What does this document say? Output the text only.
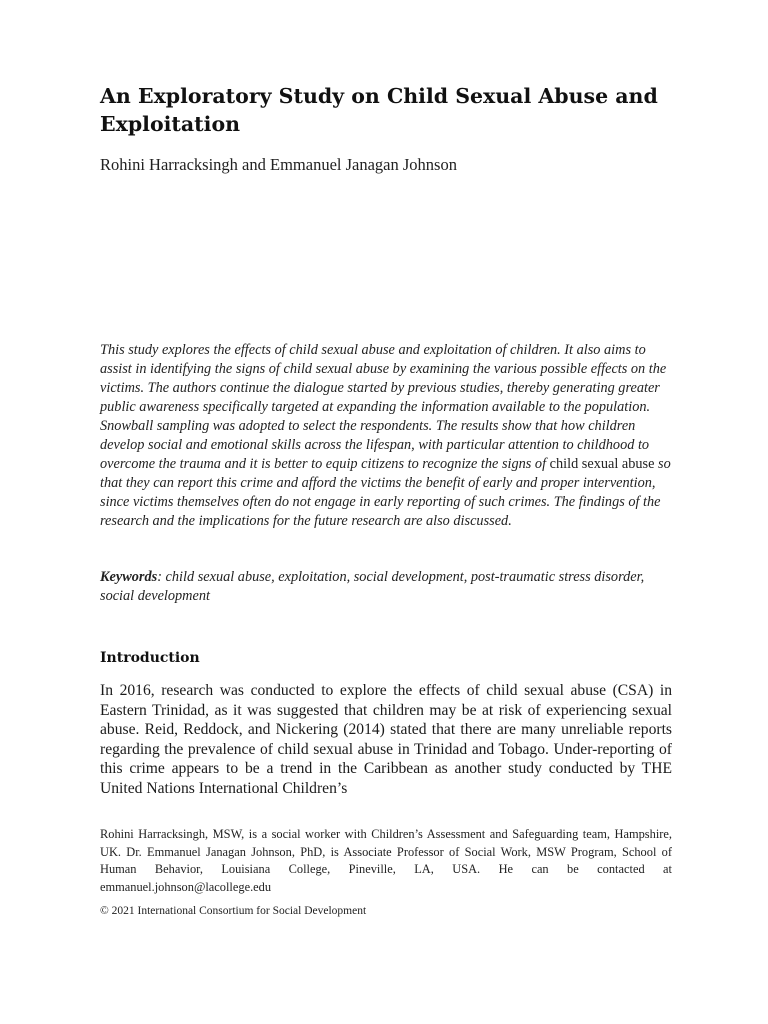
An Exploratory Study on Child Sexual Abuse and Exploitation
Rohini Harracksingh and Emmanuel Janagan Johnson

This study explores the effects of child sexual abuse and exploitation of children. It also aims to assist in identifying the signs of child sexual abuse by examining the various possible effects on the victims. The authors continue the dialogue started by previous studies, thereby generating greater public awareness specifically targeted at expanding the information available to the population. Snowball sampling was adopted to select the respondents. The results show that how children develop social and emotional skills across the lifespan, with particular attention to childhood to overcome the trauma and it is better to equip citizens to recognize the signs of child sexual abuse so that they can report this crime and afford the victims the benefit of early and proper intervention, since victims themselves often do not engage in early reporting of such crimes. The findings of the research and the implications for the future research are also discussed.

Keywords: child sexual abuse, exploitation, social development, post-traumatic stress disorder, social development

Introduction

In 2016, research was conducted to explore the effects of child sexual abuse (CSA) in Eastern Trinidad, as it was suggested that children may be at risk of experiencing sexual abuse. Reid, Reddock, and Nickering (2014) stated that there are many unreliable reports regarding the prevalence of child sexual abuse in Trinidad and Tobago. Under-reporting of this crime appears to be a trend in the Caribbean as another study conducted by THE United Nations International Children’s

Rohini Harracksingh, MSW, is a social worker with Children’s Assessment and Safeguarding team, Hampshire, UK. Dr. Emmanuel Janagan Johnson, PhD, is Associate Professor of Social Work, MSW Program, School of Human Behavior, Louisiana College, Pineville, LA, USA. He can be contacted at emmanuel.johnson@lacollege.edu

© 2021 International Consortium for Social Development
